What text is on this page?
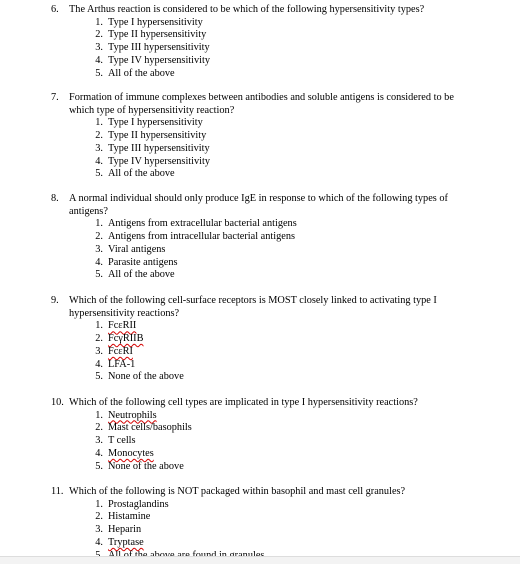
6. The Arthus reaction is considered to be which of the following hypersensitivity types?
1. Type I hypersensitivity
2. Type II hypersensitivity
3. Type III hypersensitivity
4. Type IV hypersensitivity
5. All of the above
7. Formation of immune complexes between antibodies and soluble antigens is considered to be which type of hypersensitivity reaction?
1. Type I hypersensitivity
2. Type II hypersensitivity
3. Type III hypersensitivity
4. Type IV hypersensitivity
5. All of the above
8. A normal individual should only produce IgE in response to which of the following types of antigens?
1. Antigens from extracellular bacterial antigens
2. Antigens from intracellular bacterial antigens
3. Viral antigens
4. Parasite antigens
5. All of the above
9. Which of the following cell-surface receptors is MOST closely linked to activating type I hypersensitivity reactions?
1. FcεRII
2. FcγRIIB
3. FcεRI
4. LFA-1
5. None of the above
10. Which of the following cell types are implicated in type I hypersensitivity reactions?
1. Neutrophils
2. Mast cells/basophils
3. T cells
4. Monocytes
5. None of the above
11. Which of the following is NOT packaged within basophil and mast cell granules?
1. Prostaglandins
2. Histamine
3. Heparin
4. Tryptase
